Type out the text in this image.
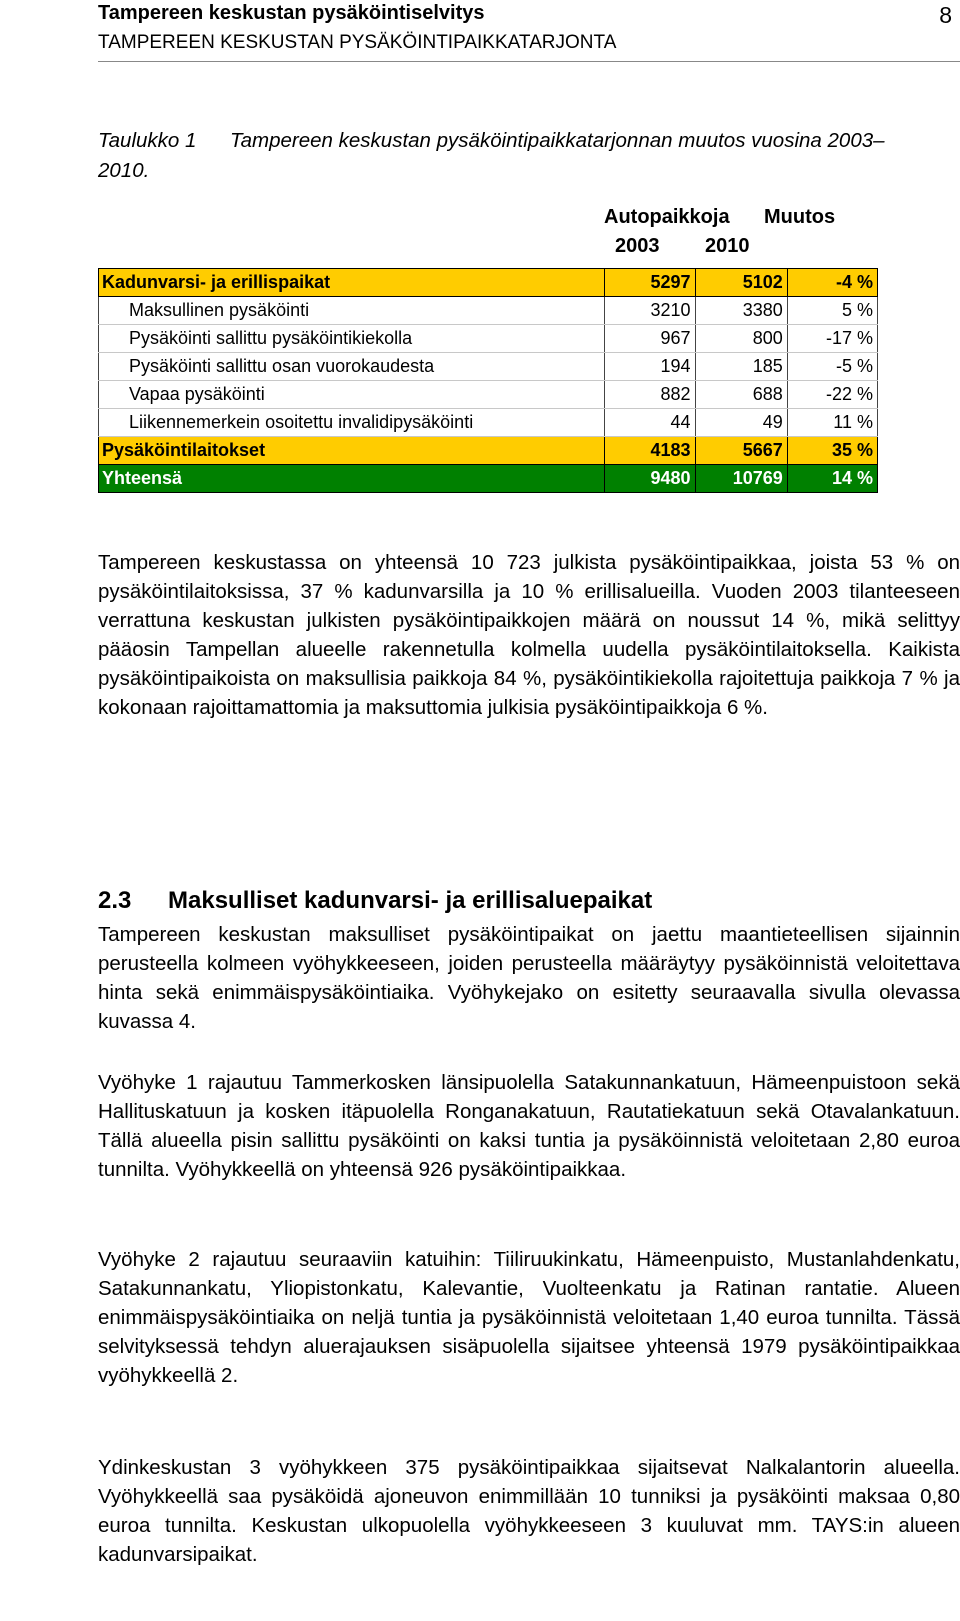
Tampereen keskustan pysäköintiselvitys
TAMPEREEN KESKUSTAN PYSÄKÖINTIPAIKKATARJONTA
8
Taulukko 1 Tampereen keskustan pysäköintipaikkatarjonnan muutos vuosina 2003–2010.
Autopaikkoja Muutos
2003 2010
Kadunvarsi- ja erillispaikat	5297	5102	-4 %
Maksullinen pysäköinti	3210	3380	5 %
Pysäköinti sallittu pysäköintikiekolla	967	800	-17 %
Pysäköinti sallittu osan vuorokaudesta	194	185	-5 %
Vapaa pysäköinti	882	688	-22 %
Liikennemerkein osoitettu invalidipysäköinti	44	49	11 %
Pysäköintilaitokset	4183	5667	35 %
Yhteensä	9480	10769	14 %

Tampereen keskustassa on yhteensä 10 723 julkista pysäköintipaikkaa, joista 53 % on pysäköintilaitoksissa, 37 % kadunvarsilla ja 10 % erillisalueilla. Vuoden 2003 tilanteeseen verrattuna keskustan julkisten pysäköintipaikkojen määrä on noussut 14 %, mikä selittyy pääosin Tampellan alueelle rakennetulla kolmella uudella pysäköintilaitoksella. Kaikista pysäköintipaikoista on maksullisia paikkoja 84 %, pysäköintikiekolla rajoitettuja paikkoja 7 % ja kokonaan rajoittamattomia ja maksuttomia julkisia pysäköintipaikkoja 6 %.

2.3 Maksulliset kadunvarsi- ja erillisaluepaikat

Tampereen keskustan maksulliset pysäköintipaikat on jaettu maantieteellisen sijainnin perusteella kolmeen vyöhykkeeseen, joiden perusteella määräytyy pysäköinnistä veloitettava hinta sekä enimmäispysäköintiaika. Vyöhykejako on esitetty seuraavalla sivulla olevassa kuvassa 4.

Vyöhyke 1 rajautuu Tammerkosken länsipuolella Satakunnankatuun, Hämeenpuistoon sekä Hallituskatuun ja kosken itäpuolella Ronganakatuun, Rautatiekatuun sekä Otavalankatuun. Tällä alueella pisin sallittu pysäköinti on kaksi tuntia ja pysäköinnistä veloitetaan 2,80 euroa tunnilta. Vyöhykkeellä on yhteensä 926 pysäköintipaikkaa.

Vyöhyke 2 rajautuu seuraaviin katuihin: Tiiliruukinkatu, Hämeenpuisto, Mustanlahdenkatu, Satakunnankatu, Yliopistonkatu, Kalevantie, Vuolteenkatu ja Ratinan rantatie. Alueen enimmäispysäköintiaika on neljä tuntia ja pysäköinnistä veloitetaan 1,40 euroa tunnilta. Tässä selvityksessä tehdyn aluerajauksen sisäpuolella sijaitsee yhteensä 1979 pysäköintipaikkaa vyöhykkeellä 2.

Ydinkeskustan 3 vyöhykkeen 375 pysäköintipaikkaa sijaitsevat Nalkalantorin alueella. Vyöhykkeellä saa pysäköidä ajoneuvon enimmillään 10 tunniksi ja pysäköinti maksaa 0,80 euroa tunnilta. Keskustan ulkopuolella vyöhykkeeseen 3 kuuluvat mm. TAYS:in alueen kadunvarsipaikat.
